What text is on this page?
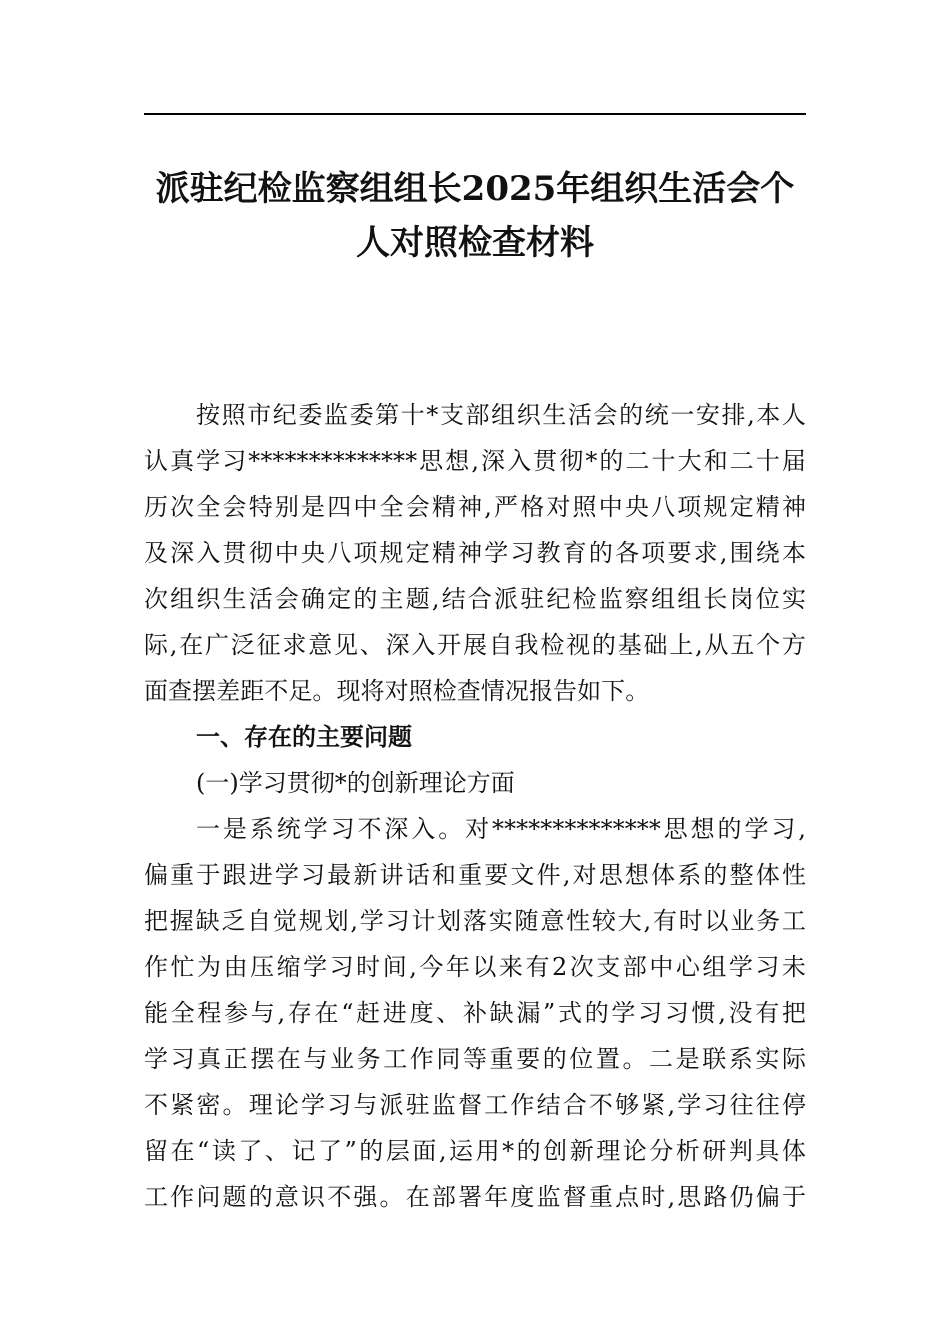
派驻纪检监察组组长2025年组织生活会个
人对照检查材料
按照市纪委监委第十*支部组织生活会的统一安排,本人
认真学习**************思想,深入贯彻*的二十大和二十届
历次全会特别是四中全会精神,严格对照中央八项规定精神
及深入贯彻中央八项规定精神学习教育的各项要求,围绕本
次组织生活会确定的主题,结合派驻纪检监察组组长岗位实
际,在广泛征求意见、深入开展自我检视的基础上,从五个方
面查摆差距不足。现将对照检查情况报告如下。
一、存在的主要问题
(一)学习贯彻*的创新理论方面
一是系统学习不深入。对**************思想的学习,
偏重于跟进学习最新讲话和重要文件,对思想体系的整体性
把握缺乏自觉规划,学习计划落实随意性较大,有时以业务工
作忙为由压缩学习时间,今年以来有2次支部中心组学习未
能全程参与,存在“赶进度、补缺漏”式的学习习惯,没有把
学习真正摆在与业务工作同等重要的位置。二是联系实际
不紧密。理论学习与派驻监督工作结合不够紧,学习往往停
留在“读了、记了”的层面,运用*的创新理论分析研判具体
工作问题的意识不强。在部署年度监督重点时,思路仍偏于
